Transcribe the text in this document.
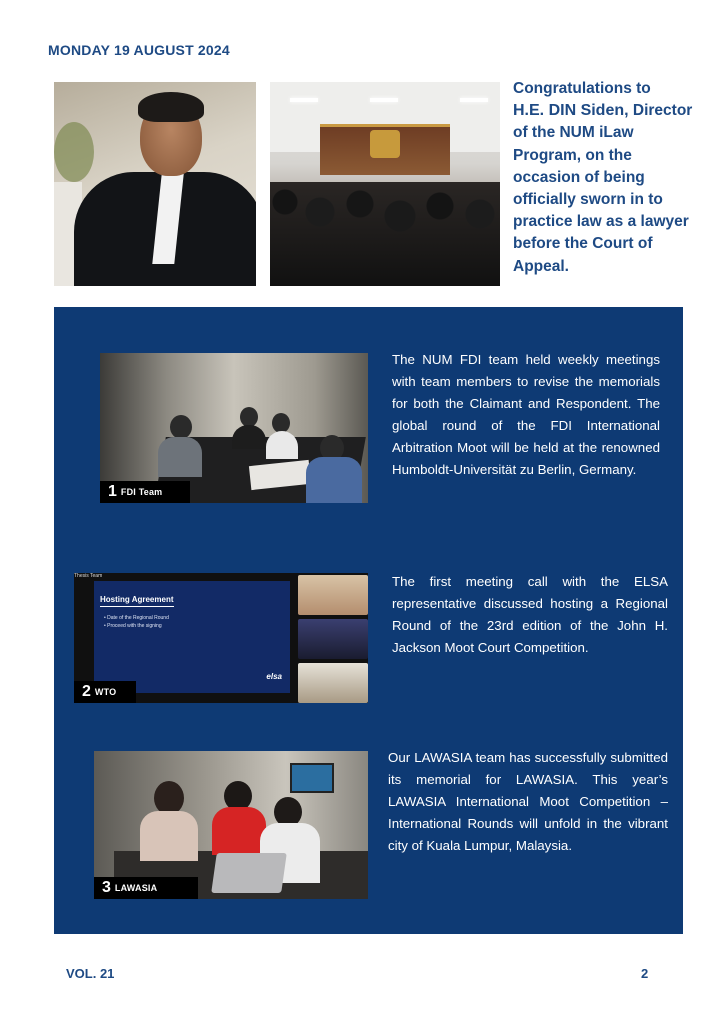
MONDAY 19 AUGUST 2024
Congratulations to
H.E. DIN Siden, Director of the NUM iLaw Program, on the occasion of being officially sworn in to practice law as a lawyer before the Court of Appeal.
1 FDI Team
The NUM FDI team held weekly meetings with team members to revise the memorials for both the Claimant and Respondent. The global round of the FDI International Arbitration Moot will be held at the renowned Humboldt-Universität zu Berlin, Germany.
Thesis Team
Hosting Agreement
• Date of the Regional Round
• Proceed with the signing
elsa
2 WTO
The first meeting call with the ELSA representative discussed hosting a Regional Round of the 23rd edition of the John H. Jackson Moot Court Competition.
3 LAWASIA
Our LAWASIA team has successfully submitted its memorial for LAWASIA. This year’s LAWASIA International Moot Competition – International Rounds will unfold in the vibrant city of Kuala Lumpur, Malaysia.
VOL. 21	2
